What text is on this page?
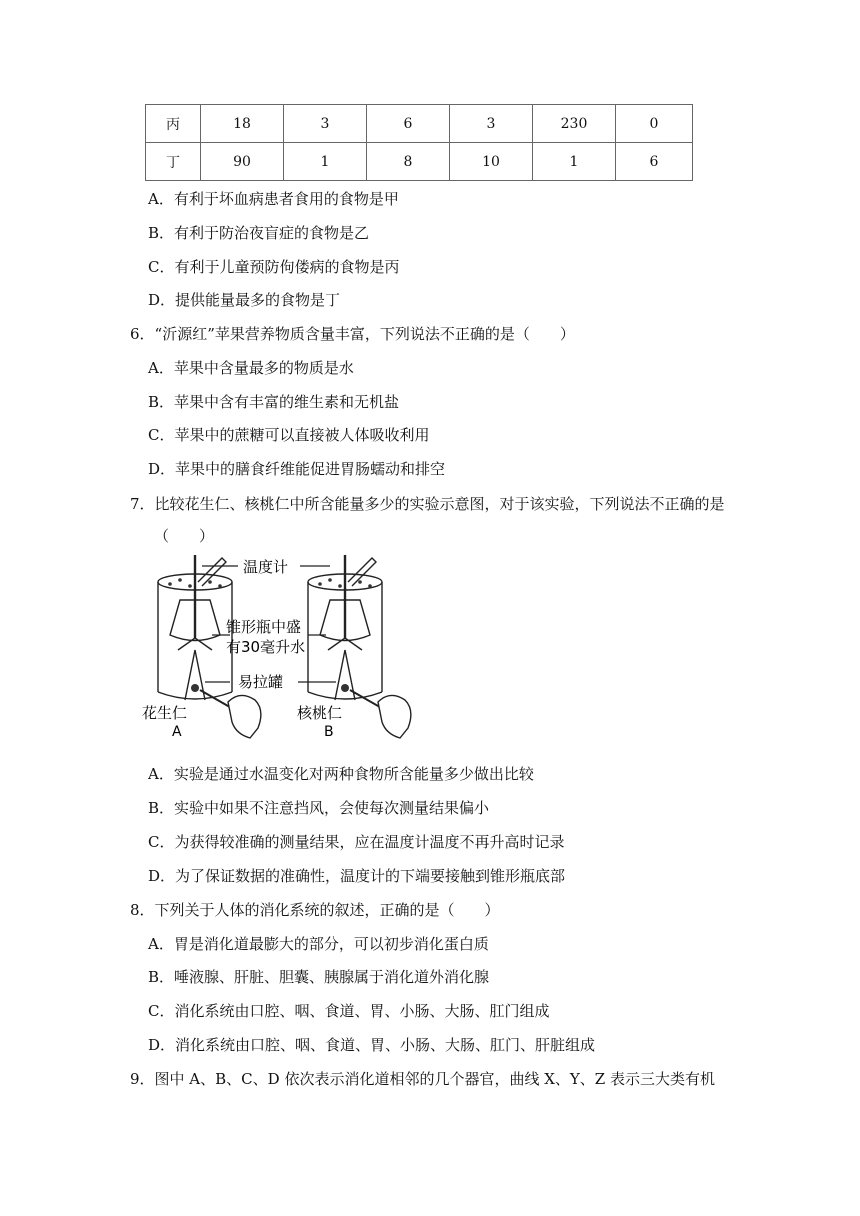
丙	18	3	6	3	230	0
丁	90	1	8	10	1	6
A．有利于坏血病患者食用的食物是甲
B．有利于防治夜盲症的食物是乙
C．有利于儿童预防佝偻病的食物是丙
D．提供能量最多的食物是丁
6．“沂源红”苹果营养物质含量丰富，下列说法不正确的是（　　）
A．苹果中含量最多的物质是水
B．苹果中含有丰富的维生素和无机盐
C．苹果中的蔗糖可以直接被人体吸收利用
D．苹果中的膳食纤维能促进胃肠蠕动和排空
7．比较花生仁、核桃仁中所含能量多少的实验示意图，对于该实验，下列说法不正确的是
（　　）
温度计
锥形瓶中盛
有30毫升水
易拉罐
花生仁
A
核桃仁
B
A．实验是通过水温变化对两种食物所含能量多少做出比较
B．实验中如果不注意挡风，会使每次测量结果偏小
C．为获得较准确的测量结果，应在温度计温度不再升高时记录
D．为了保证数据的准确性，温度计的下端要接触到锥形瓶底部
8．下列关于人体的消化系统的叙述，正确的是（　　）
A．胃是消化道最膨大的部分，可以初步消化蛋白质
B．唾液腺、肝脏、胆囊、胰腺属于消化道外消化腺
C．消化系统由口腔、咽、食道、胃、小肠、大肠、肛门组成
D．消化系统由口腔、咽、食道、胃、小肠、大肠、肛门、肝脏组成
9．图中 A、B、C、D 依次表示消化道相邻的几个器官，曲线 X、Y、Z 表示三大类有机
